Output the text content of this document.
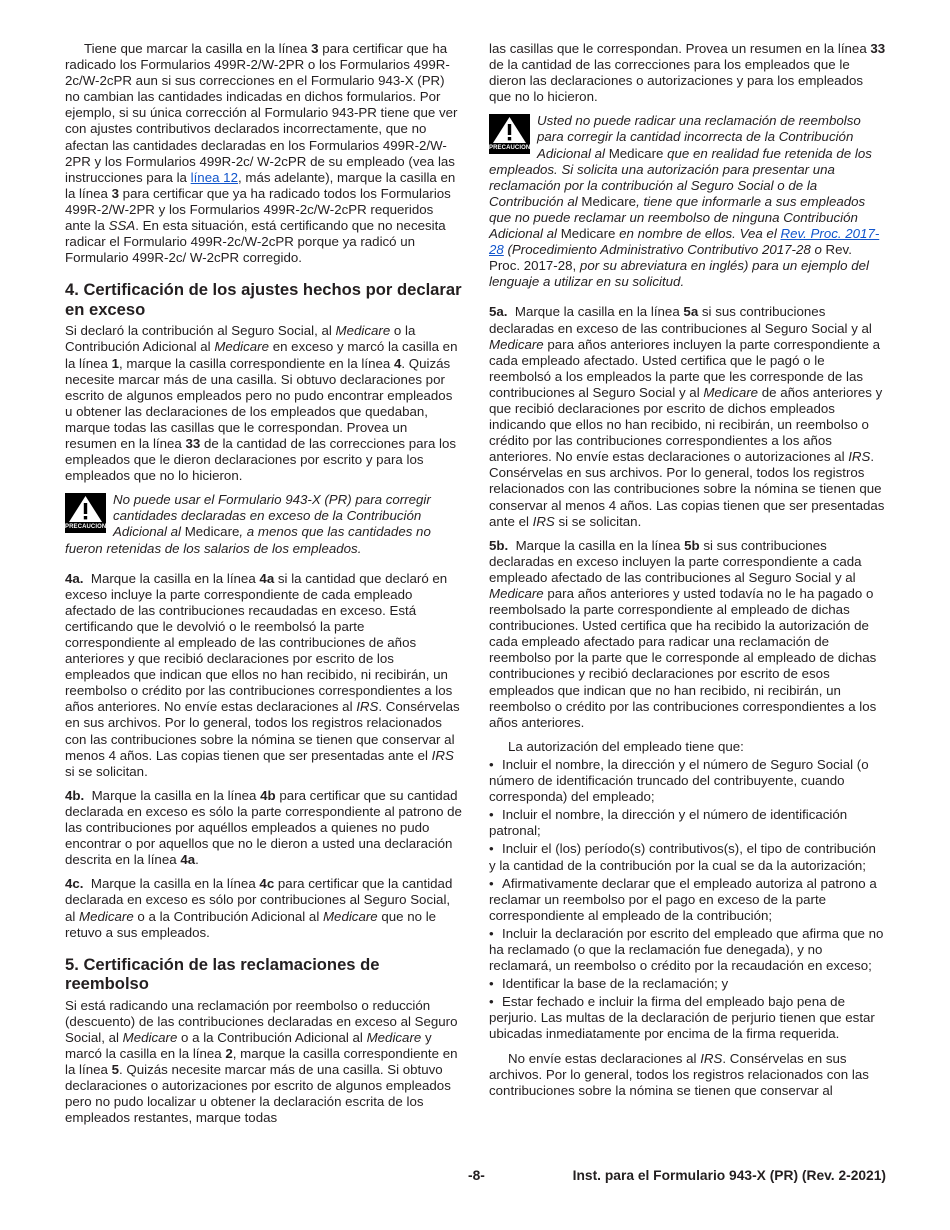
Tiene que marcar la casilla en la línea 3 para certificar que ha radicado los Formularios 499R-2/W-2PR o los Formularios 499R-2c/W-2cPR aun si sus correcciones en el Formulario 943-X (PR) no cambian las cantidades indicadas en dichos formularios. Por ejemplo, si su única corrección al Formulario 943-PR tiene que ver con ajustes contributivos declarados incorrectamente, que no afectan las cantidades declaradas en los Formularios 499R-2/W-2PR y los Formularios 499R-2c/ W-2cPR de su empleado (vea las instrucciones para la línea 12, más adelante), marque la casilla en la línea 3 para certificar que ya ha radicado todos los Formularios 499R-2/W-2PR y los Formularios 499R-2c/W-2cPR requeridos ante la SSA. En esta situación, está certificando que no necesita radicar el Formulario 499R-2c/W-2cPR porque ya radicó un Formulario 499R-2c/ W-2cPR corregido.

4. Certificación de los ajustes hechos por declarar en exceso

Si declaró la contribución al Seguro Social, al Medicare o la Contribución Adicional al Medicare en exceso y marcó la casilla en la línea 1, marque la casilla correspondiente en la línea 4. Quizás necesite marcar más de una casilla. Si obtuvo declaraciones por escrito de algunos empleados pero no pudo encontrar empleados u obtener las declaraciones de los empleados que quedaban, marque todas las casillas que le correspondan. Provea un resumen en la línea 33 de la cantidad de las correcciones para los empleados que le dieron declaraciones por escrito y para los empleados que no lo hicieron.

PRECAUCION
No puede usar el Formulario 943-X (PR) para corregir cantidades declaradas en exceso de la Contribución Adicional al Medicare, a menos que las cantidades no fueron retenidas de los salarios de los empleados.

4a.  Marque la casilla en la línea 4a si la cantidad que declaró en exceso incluye la parte correspondiente de cada empleado afectado de las contribuciones recaudadas en exceso. Está certificando que le devolvió o le reembolsó la parte correspondiente al empleado de las contribuciones de años anteriores y que recibió declaraciones por escrito de los empleados que indican que ellos no han recibido, ni recibirán, un reembolso o crédito por las contribuciones correspondientes a los años anteriores. No envíe estas declaraciones al IRS. Consérvelas en sus archivos. Por lo general, todos los registros relacionados con las contribuciones sobre la nómina se tienen que conservar al menos 4 años. Las copias tienen que ser presentadas ante el IRS si se solicitan.

4b.  Marque la casilla en la línea 4b para certificar que su cantidad declarada en exceso es sólo la parte correspondiente al patrono de las contribuciones por aquéllos empleados a quienes no pudo encontrar o por aquellos que no le dieron a usted una declaración descrita en la línea 4a.

4c.  Marque la casilla en la línea 4c para certificar que la cantidad declarada en exceso es sólo por contribuciones al Seguro Social, al Medicare o a la Contribución Adicional al Medicare que no le retuvo a sus empleados.

5. Certificación de las reclamaciones de reembolso

Si está radicando una reclamación por reembolso o reducción (descuento) de las contribuciones declaradas en exceso al Seguro Social, al Medicare o a la Contribución Adicional al Medicare y marcó la casilla en la línea 2, marque la casilla correspondiente en la línea 5. Quizás necesite marcar más de una casilla. Si obtuvo declaraciones o autorizaciones por escrito de algunos empleados pero no pudo localizar u obtener la declaración escrita de los empleados restantes, marque todas

las casillas que le correspondan. Provea un resumen en la línea 33 de la cantidad de las correcciones para los empleados que le dieron las declaraciones o autorizaciones y para los empleados que no lo hicieron.

PRECAUCION
Usted no puede radicar una reclamación de reembolso para corregir la cantidad incorrecta de la Contribución Adicional al Medicare que en realidad fue retenida de los empleados. Si solicita una autorización para presentar una reclamación por la contribución al Seguro Social o de la Contribución al Medicare, tiene que informarle a sus empleados que no puede reclamar un reembolso de ninguna Contribución Adicional al Medicare en nombre de ellos. Vea el Rev. Proc. 2017-28 (Procedimiento Administrativo Contributivo 2017-28 o Rev. Proc. 2017-28, por su abreviatura en inglés) para un ejemplo del lenguaje a utilizar en su solicitud.

5a.  Marque la casilla en la línea 5a si sus contribuciones declaradas en exceso de las contribuciones al Seguro Social y al Medicare para años anteriores incluyen la parte correspondiente a cada empleado afectado. Usted certifica que le pagó o le reembolsó a los empleados la parte que les corresponde de las contribuciones al Seguro Social y al Medicare de años anteriores y que recibió declaraciones por escrito de dichos empleados indicando que ellos no han recibido, ni recibirán, un reembolso o crédito por las contribuciones correspondientes a los años anteriores. No envíe estas declaraciones o autorizaciones al IRS. Consérvelas en sus archivos. Por lo general, todos los registros relacionados con las contribuciones sobre la nómina se tienen que conservar al menos 4 años. Las copias tienen que ser presentadas ante el IRS si se solicitan.

5b.  Marque la casilla en la línea 5b si sus contribuciones declaradas en exceso incluyen la parte correspondiente a cada empleado afectado de las contribuciones al Seguro Social y al Medicare para años anteriores y usted todavía no le ha pagado o reembolsado la parte correspondiente al empleado de dichas contribuciones. Usted certifica que ha recibido la autorización de cada empleado afectado para radicar una reclamación de reembolso por la parte que le corresponde al empleado de dichas contribuciones y recibió declaraciones por escrito de esos empleados que indican que no han recibido, ni recibirán, un reembolso o crédito por las contribuciones correspondientes a los años anteriores.

La autorización del empleado tiene que:

• Incluir el nombre, la dirección y el número de Seguro Social (o número de identificación truncado del contribuyente, cuando corresponda) del empleado;
• Incluir el nombre, la dirección y el número de identificación patronal;
• Incluir el (los) período(s) contributivos(s), el tipo de contribución y la cantidad de la contribución por la cual se da la autorización;
• Afirmativamente declarar que el empleado autoriza al patrono a reclamar un reembolso por el pago en exceso de la parte correspondiente al empleado de la contribución;
• Incluir la declaración por escrito del empleado que afirma que no ha reclamado (o que la reclamación fue denegada), y no reclamará, un reembolso o crédito por la recaudación en exceso;
• Identificar la base de la reclamación; y
• Estar fechado e incluir la firma del empleado bajo pena de perjurio. Las multas de la declaración de perjurio tienen que estar ubicadas inmediatamente por encima de la firma requerida.

No envíe estas declaraciones al IRS. Consérvelas en sus archivos. Por lo general, todos los registros relacionados con las contribuciones sobre la nómina se tienen que conservar al

-8-	Inst. para el Formulario 943-X (PR) (Rev. 2-2021)
